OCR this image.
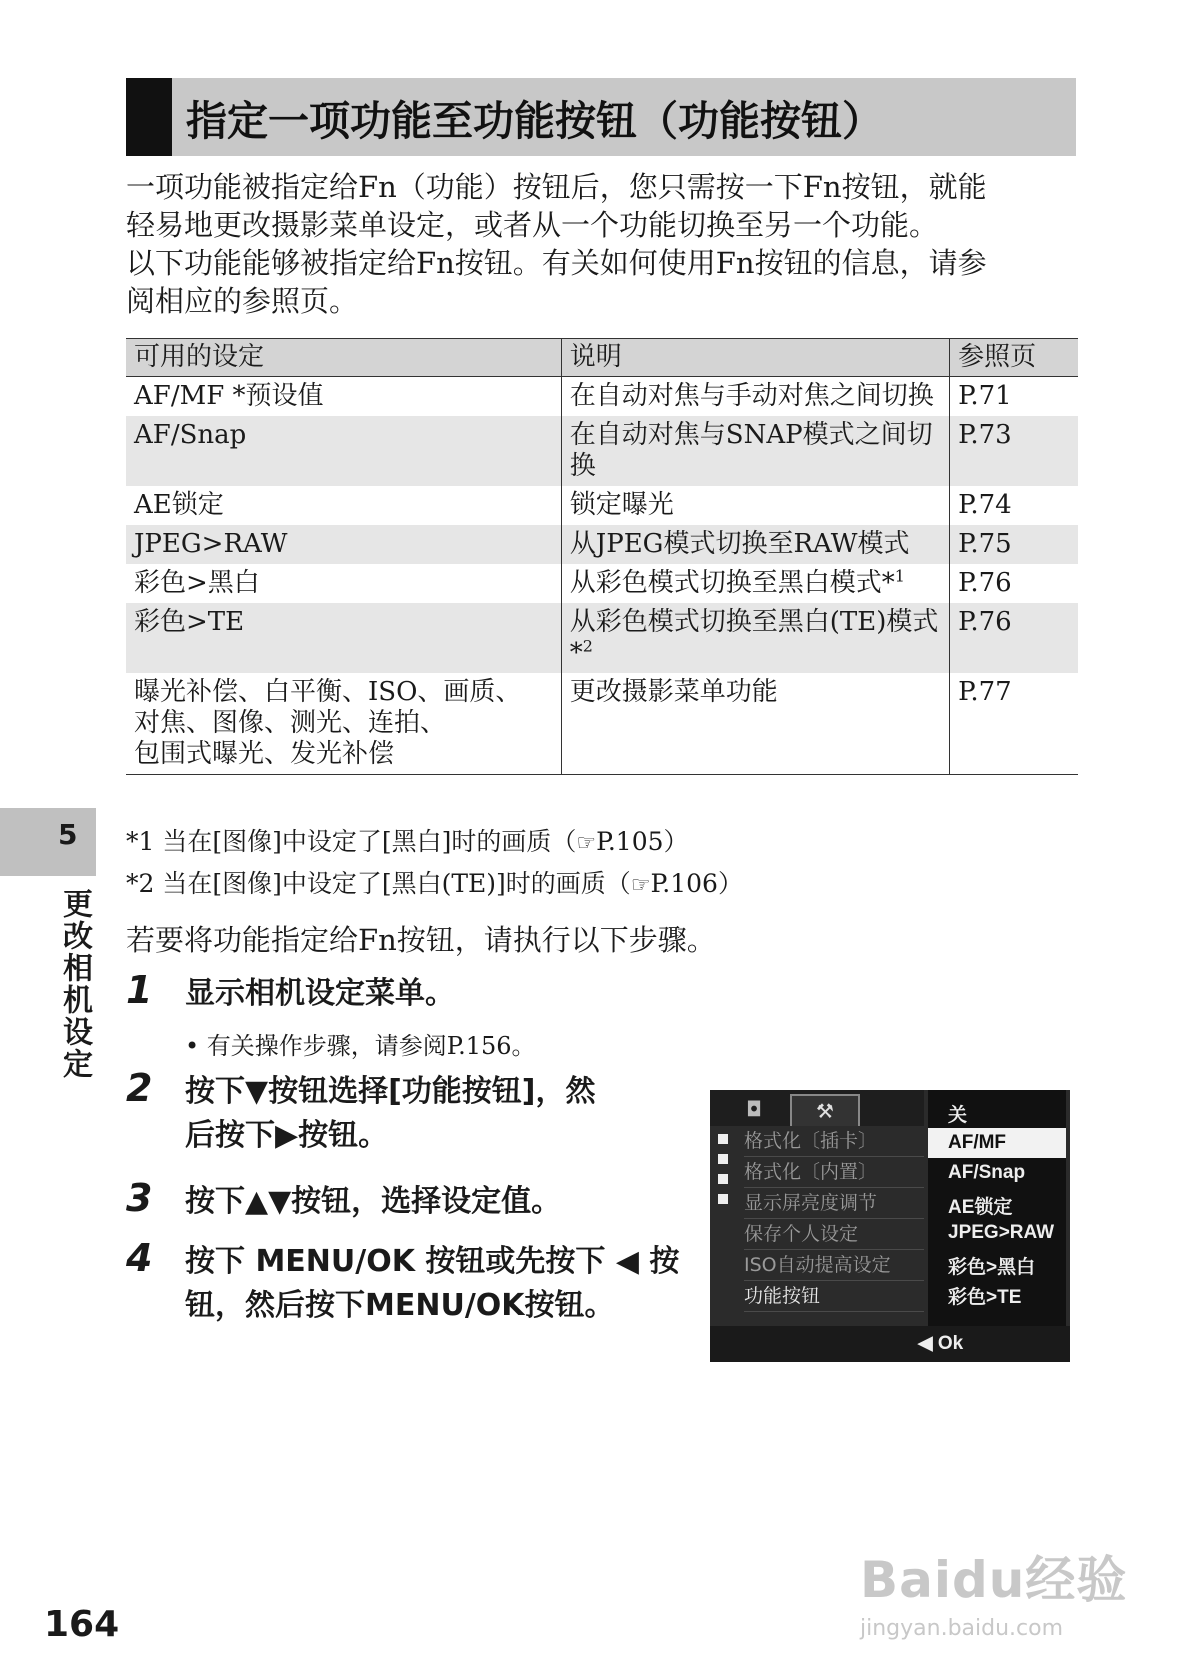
指定一项功能至功能按钮（功能按钮）

一项功能被指定给Fn（功能）按钮后，您只需按一下Fn按钮，就能

轻易地更改摄影菜单设定，或者从一个功能切换至另一个功能。

以下功能能够被指定给Fn按钮。有关如何使用Fn按钮的信息，请参

阅相应的参照页。

可用的设定	说明	参照页
AF/MF *预设值	在自动对焦与手动对焦之间切换	P.71
AF/Snap	在自动对焦与SNAP模式之间切换	P.73
AE锁定	锁定曝光	P.74
JPEG>RAW	从JPEG模式切换至RAW模式	P.75
彩色>黑白	从彩色模式切换至黑白模式*$^1$	P.76
彩色>TE	从彩色模式切换至黑白(TE)模式*$^2$	P.76

曝光补偿、白平衡、ISO、画质、
对焦、图像、测光、连拍、
包围式曝光、发光补偿	更改摄影菜单功能	P.77
*1 当在[图像]中设定了[黑白]时的画质（☞P.105）
*2 当在[图像]中设定了[黑白(TE)]时的画质（☞P.106）
若要将功能指定给Fn按钮，请执行以下步骤。
1 显示相机设定菜单。
• 有关操作步骤，请参阅P.156。
2 按下▼按钮选择[功能按钮]，然
后按下▶按钮。
3 按下▲▼按钮，选择设定值。
4 按下 MENU/OK 按钮或先按下 ◀ 按
钮，然后按下MENU/OK按钮。
◘	⚒
格式化〔插卡〕
格式化〔内置〕
显示屏亮度调节
保存个人设定
ISO自动提高设定
功能按钮
关
AF/MF
AF/Snap
AE锁定
JPEG>RAW
彩色>黑白
彩色>TE
◀ Ok
5
更改相机设定
164
Baidu经验
jingyan.baidu.com
